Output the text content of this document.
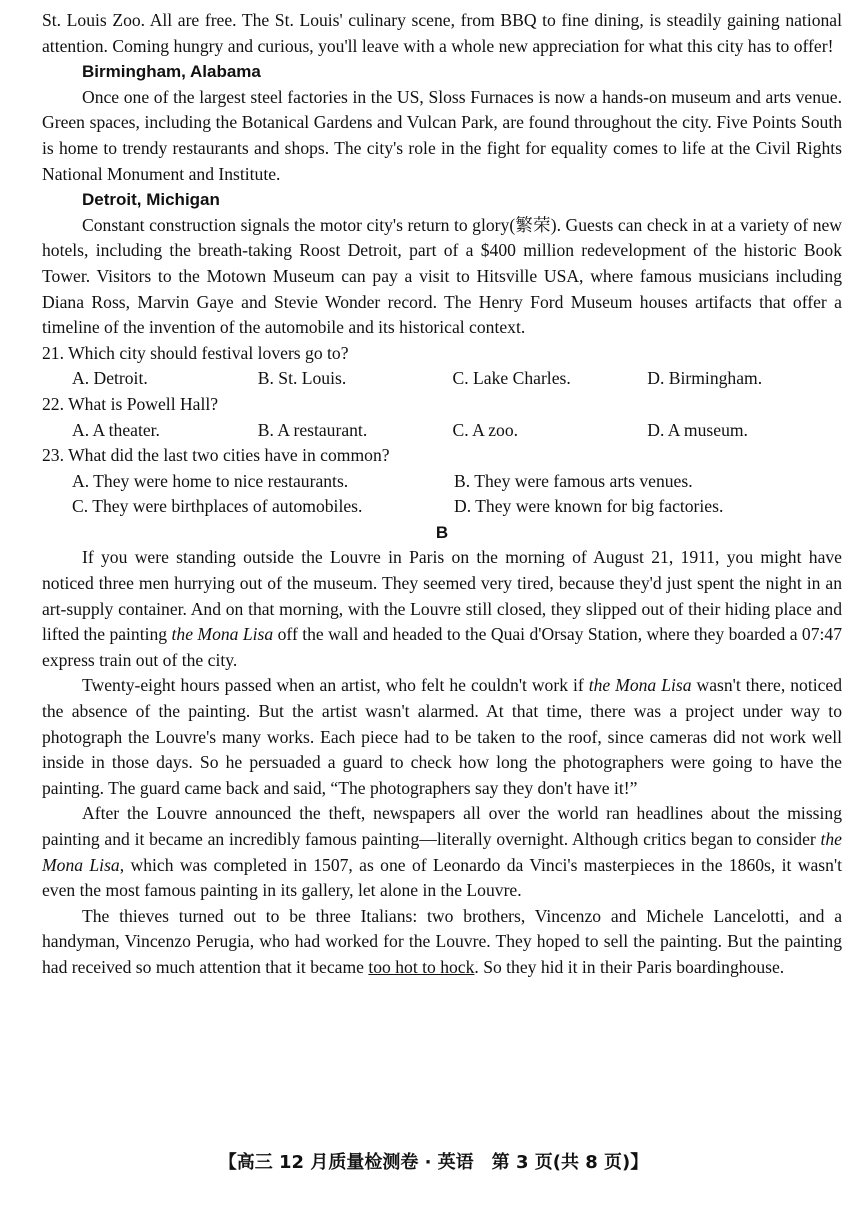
St. Louis Zoo. All are free. The St. Louis' culinary scene, from BBQ to fine dining, is steadily gaining national attention. Coming hungry and curious, you'll leave with a whole new appreciation for what this city has to offer!

Birmingham, Alabama

Once one of the largest steel factories in the US, Sloss Furnaces is now a hands-on museum and arts venue. Green spaces, including the Botanical Gardens and Vulcan Park, are found throughout the city. Five Points South is home to trendy restaurants and shops. The city's role in the fight for equality comes to life at the Civil Rights National Monument and Institute.

Detroit, Michigan

Constant construction signals the motor city's return to glory(繁荣). Guests can check in at a variety of new hotels, including the breath-taking Roost Detroit, part of a $400 million redevelopment of the historic Book Tower. Visitors to the Motown Museum can pay a visit to Hitsville USA, where famous musicians including Diana Ross, Marvin Gaye and Stevie Wonder record. The Henry Ford Museum houses artifacts that offer a timeline of the invention of the automobile and its historical context.

21. Which city should festival lovers go to?

A. Detroit.	B. St. Louis.	C. Lake Charles.	D. Birmingham.

22. What is Powell Hall?

A. A theater.	B. A restaurant.	C. A zoo.	D. A museum.

23. What did the last two cities have in common?

A. They were home to nice restaurants.	B. They were famous arts venues.
C. They were birthplaces of automobiles.	D. They were known for big factories.

B

If you were standing outside the Louvre in Paris on the morning of August 21, 1911, you might have noticed three men hurrying out of the museum. They seemed very tired, because they'd just spent the night in an art-supply container. And on that morning, with the Louvre still closed, they slipped out of their hiding place and lifted the painting the Mona Lisa off the wall and headed to the Quai d'Orsay Station, where they boarded a 07:47 express train out of the city.

Twenty-eight hours passed when an artist, who felt he couldn't work if the Mona Lisa wasn't there, noticed the absence of the painting. But the artist wasn't alarmed. At that time, there was a project under way to photograph the Louvre's many works. Each piece had to be taken to the roof, since cameras did not work well inside in those days. So he persuaded a guard to check how long the photographers were going to have the painting. The guard came back and said, “The photographers say they don't have it!”

After the Louvre announced the theft, newspapers all over the world ran headlines about the missing painting and it became an incredibly famous painting—literally overnight. Although critics began to consider the Mona Lisa, which was completed in 1507, as one of Leonardo da Vinci's masterpieces in the 1860s, it wasn't even the most famous painting in its gallery, let alone in the Louvre.

The thieves turned out to be three Italians: two brothers, Vincenzo and Michele Lancelotti, and a handyman, Vincenzo Perugia, who had worked for the Louvre. They hoped to sell the painting. But the painting had received so much attention that it became too hot to hock. So they hid it in their Paris boardinghouse.

【高三 12 月质量检测卷 · 英语　第 3 页(共 8 页)】
